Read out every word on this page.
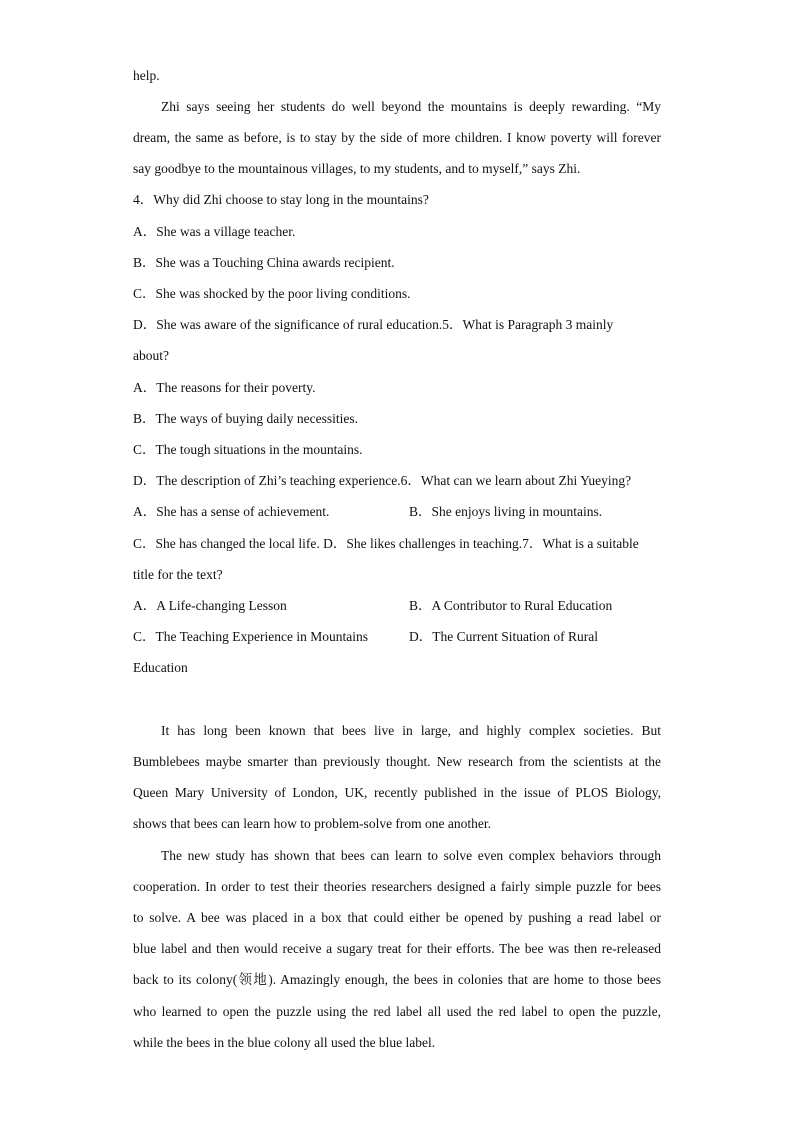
help.
Zhi says seeing her students do well beyond the mountains is deeply rewarding. “My
dream, the same as before, is to stay by the side of more children. I know poverty will forever
say goodbye to the mountainous villages, to my students, and to myself,” says Zhi.
4．Why did Zhi choose to stay long in the mountains?
A．She was a village teacher.
B．She was a Touching China awards recipient.
C．She was shocked by the poor living conditions.
D．She was aware of the significance of rural education.5．What is Paragraph 3 mainly
about?
A．The reasons for their poverty.
B．The ways of buying daily necessities.
C．The tough situations in the mountains.
D．The description of Zhi’s teaching experience.6．What can we learn about Zhi Yueying?
A．She has a sense of achievement.	B．She enjoys living in mountains.
C．She has changed the local life. D．She likes challenges in teaching.7．What is a suitable
title for the text?
A．A Life-changing Lesson	B．A Contributor to Rural Education
C．The Teaching Experience in Mountains	D．The Current Situation of Rural
Education
It has long been known that bees live in large, and highly complex societies. But
Bumblebees maybe smarter than previously thought. New research from the scientists at the
Queen Mary University of London, UK, recently published in the issue of PLOS Biology,
shows that bees can learn how to problem-solve from one another.
The new study has shown that bees can learn to solve even complex behaviors through
cooperation. In order to test their theories researchers designed a fairly simple puzzle for bees
to solve. A bee was placed in a box that could either be opened by pushing a read label or
blue label and then would receive a sugary treat for their efforts. The bee was then re-released
back to its colony(领地). Amazingly enough, the bees in colonies that are home to those bees
who learned to open the puzzle using the red label all used the red label to open the puzzle,
while the bees in the blue colony all used the blue label.
